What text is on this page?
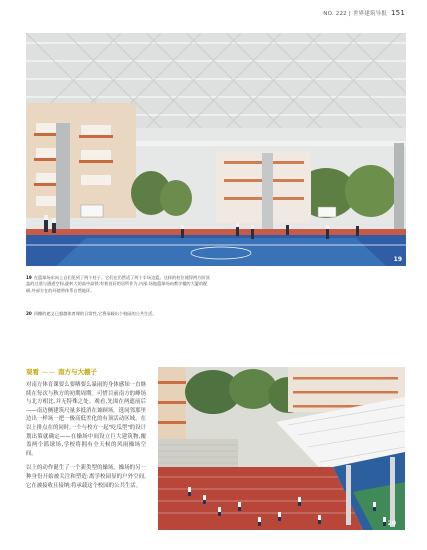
NO. 222 | 世界建筑导报 151
19
19 在篮球场东向上自们见到了两个柱子。它们在仍然适了两个半场边篮。这样的柱位使得两方阶顶盖的过道与通道空间,旋转大的高中高铁;有着良好的居所作为,内部;场地篮球场向教学楼的大厦的配刷,外部方在的环境带体系自然地环。
20 顶棚的遮义已超越体育课的日常性,它将承载出个校园的公共生活。
观看 —— 南方与大棚子

对南方体育课要么要晒要么暴雨的身体感知一直继续在每次与秋方的初期周期。可惜目前南方的峰场与北方相比,并无特殊之处。观看,先围在两遮前后——南边侧建筑尺量多抵消在兼顾场。选同邻那里边出一样场一把一极高低差化的有顶活动区域。在以上排点在的同时,一个与校方一起"吃瓜型"的设计划出策就确定——在操场中间设立巨大建筑物,覆盖两个篮球场,学校将拥有全天候的风雨操场空间。

以上的动作诞生了一个新类型的操场。操场的另一种身份开始被关注和塑造:离学校园显的户外空间,它在被接收且接纳;将承载这个校园的公共生活。

20
